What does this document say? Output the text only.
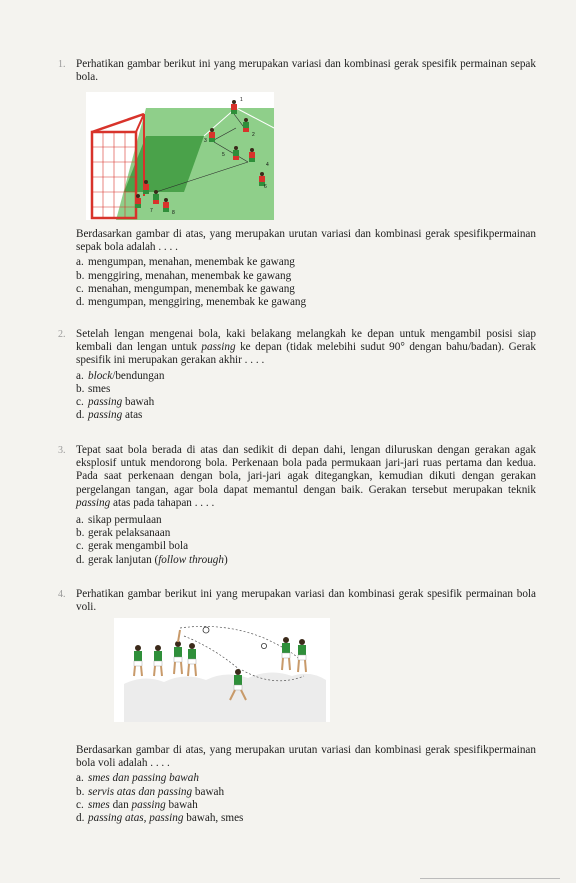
1. Perhatikan gambar berikut ini yang merupakan variasi dan kombinasi gerak spesifik permainan sepak bola.
1
2
3
4
5
6
7	8
Berdasarkan gambar di atas, yang merupakan urutan variasi dan kombinasi gerak spesifikpermainan sepak bola adalah . . . .
a. mengumpan, menahan, menembak ke gawang
b. menggiring, menahan, menembak ke gawang
c. menahan, mengumpan, menembak ke gawang
d. mengumpan, menggiring, menembak ke gawang
2. Setelah lengan mengenai bola, kaki belakang melangkah ke depan untuk mengambil posisi siap kembali dan lengan untuk passing ke depan (tidak melebihi sudut 90° dengan bahu/badan). Gerak spesifik ini merupakan gerakan akhir . . . .
a. block/bendungan
b. smes
c. passing bawah
d. passing atas
3. Tepat saat bola berada di atas dan sedikit di depan dahi, lengan diluruskan dengan gerakan agak eksplosif untuk mendorong bola. Perkenaan bola pada permukaan jari-jari ruas pertama dan kedua. Pada saat perkenaan dengan bola, jari-jari agak ditegangkan, kemudian dikuti dengan gerakan pergelangan tangan, agar bola dapat memantul dengan baik. Gerakan tersebut merupakan teknik passing atas pada tahapan . . . .
a. sikap permulaan
b. gerak pelaksanaan
c. gerak mengambil bola
d. gerak lanjutan (follow through)
4. Perhatikan gambar berikut ini yang merupakan variasi dan kombinasi gerak spesifik permainan bola voli.
Berdasarkan gambar di atas, yang merupakan urutan variasi dan kombinasi gerak spesifikpermainan bola voli adalah . . . .
a. smes dan passing bawah
b. servis atas dan passing bawah
c. smes dan passing bawah
d. passing atas, passing bawah, smes
